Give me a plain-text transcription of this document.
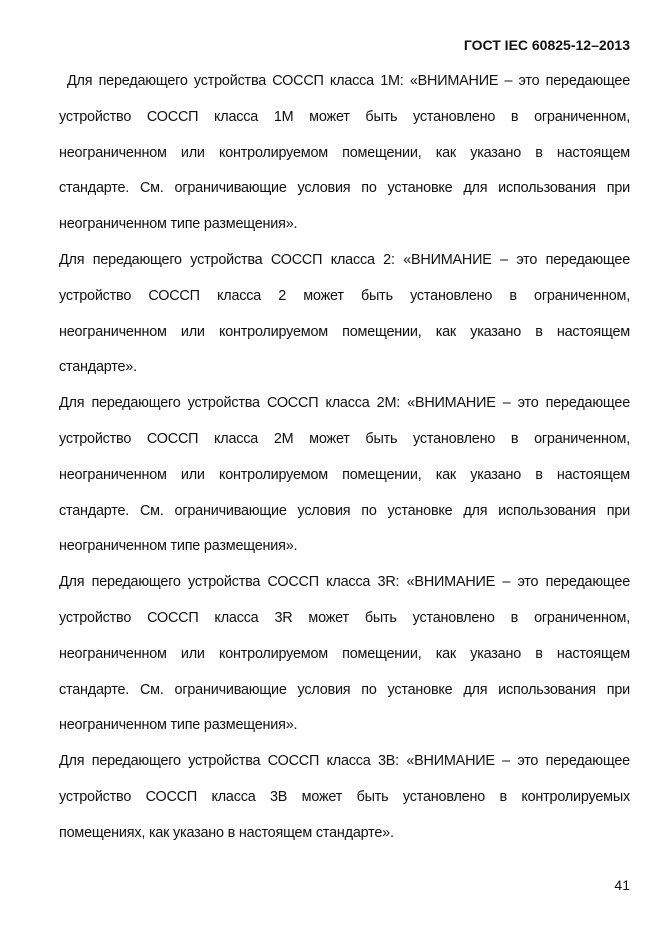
ГОСТ IEC 60825-12–2013

Для передающего устройства СОССП класса 1M: «ВНИМАНИЕ – это передающее устройство СОССП класса 1М может быть установлено в ограниченном, неограниченном или контролируемом помещении, как указано в настоящем стандарте. См. ограничивающие условия по установке для использования при неограниченном типе размещения».

Для передающего устройства СОССП класса 2: «ВНИМАНИЕ – это передающее устройство СОССП класса 2 может быть установлено в ограниченном, неограниченном или контролируемом помещении, как указано в настоящем стандарте».

Для передающего устройства СОССП класса 2M: «ВНИМАНИЕ – это передающее устройство СОССП класса 2М может быть установлено в ограниченном, неограниченном или контролируемом помещении, как указано в настоящем стандарте. См. ограничивающие условия по установке для использования при неограниченном типе размещения».

Для передающего устройства СОССП класса 3R: «ВНИМАНИЕ – это передающее устройство СОССП класса 3R может быть установлено в ограниченном, неограниченном или контролируемом помещении, как указано в настоящем стандарте. См. ограничивающие условия по установке для использования при неограниченном типе размещения».

Для передающего устройства СОССП класса 3B: «ВНИМАНИЕ – это передающее устройство СОССП класса 3В может быть установлено в контролируемых помещениях, как указано в настоящем стандарте».

41
